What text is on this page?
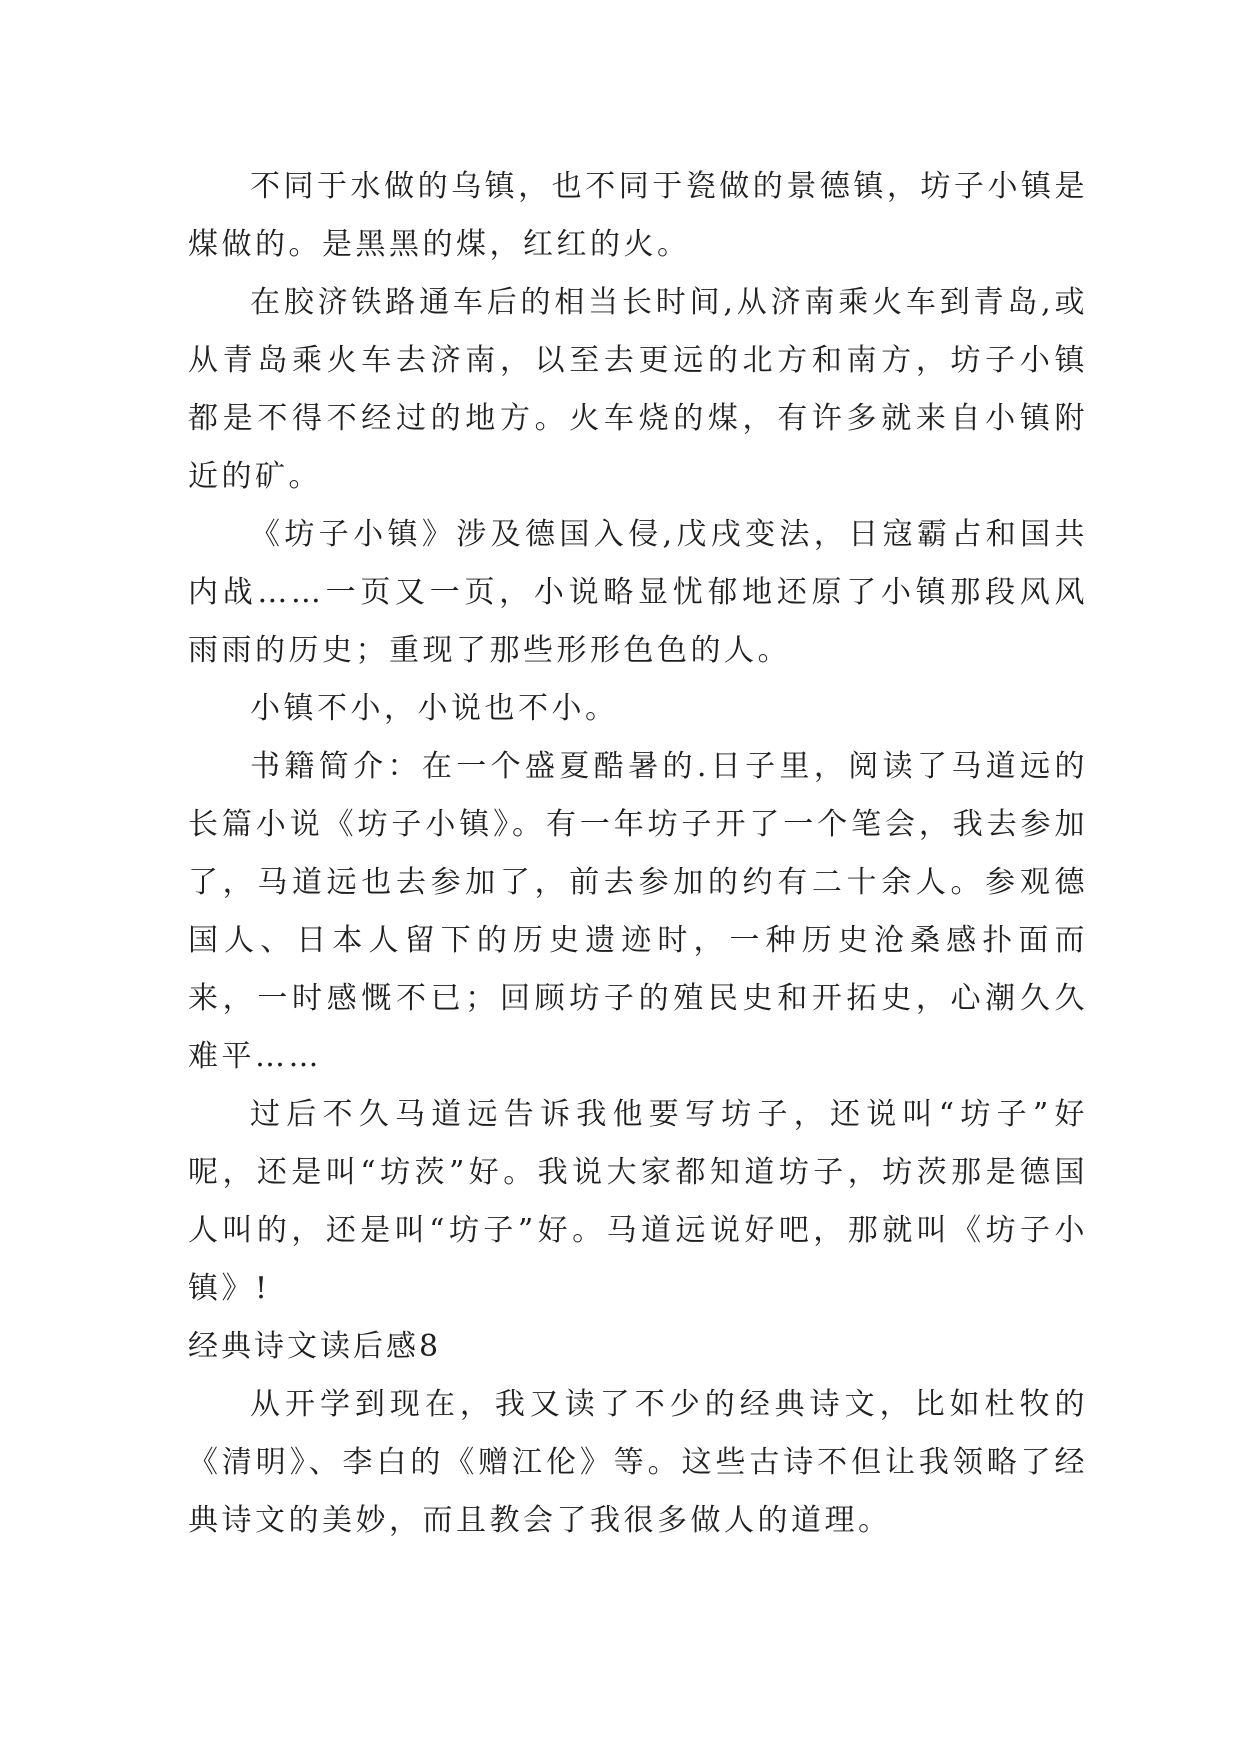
不同于水做的乌镇，也不同于瓷做的景德镇，坊子小镇是煤做的。是黑黑的煤，红红的火。

在胶济铁路通车后的相当长时间,从济南乘火车到青岛,或从青岛乘火车去济南，以至去更远的北方和南方，坊子小镇都是不得不经过的地方。火车烧的煤，有许多就来自小镇附近的矿。

《坊子小镇》涉及德国入侵,戊戌变法，日寇霸占和国共内战……一页又一页，小说略显忧郁地还原了小镇那段风风雨雨的历史；重现了那些形形色色的人。

小镇不小，小说也不小。

书籍简介：在一个盛夏酷暑的.日子里，阅读了马道远的长篇小说《坊子小镇》。有一年坊子开了一个笔会，我去参加了，马道远也去参加了，前去参加的约有二十余人。参观德国人、日本人留下的历史遗迹时，一种历史沧桑感扑面而来，一时感慨不已；回顾坊子的殖民史和开拓史，心潮久久难平……

过后不久马道远告诉我他要写坊子，还说叫“坊子”好呢，还是叫“坊茨”好。我说大家都知道坊子，坊茨那是德国人叫的，还是叫“坊子”好。马道远说好吧，那就叫《坊子小镇》!

经典诗文读后感8

从开学到现在，我又读了不少的经典诗文，比如杜牧的《清明》、李白的《赠江伦》等。这些古诗不但让我领略了经典诗文的美妙，而且教会了我很多做人的道理。
